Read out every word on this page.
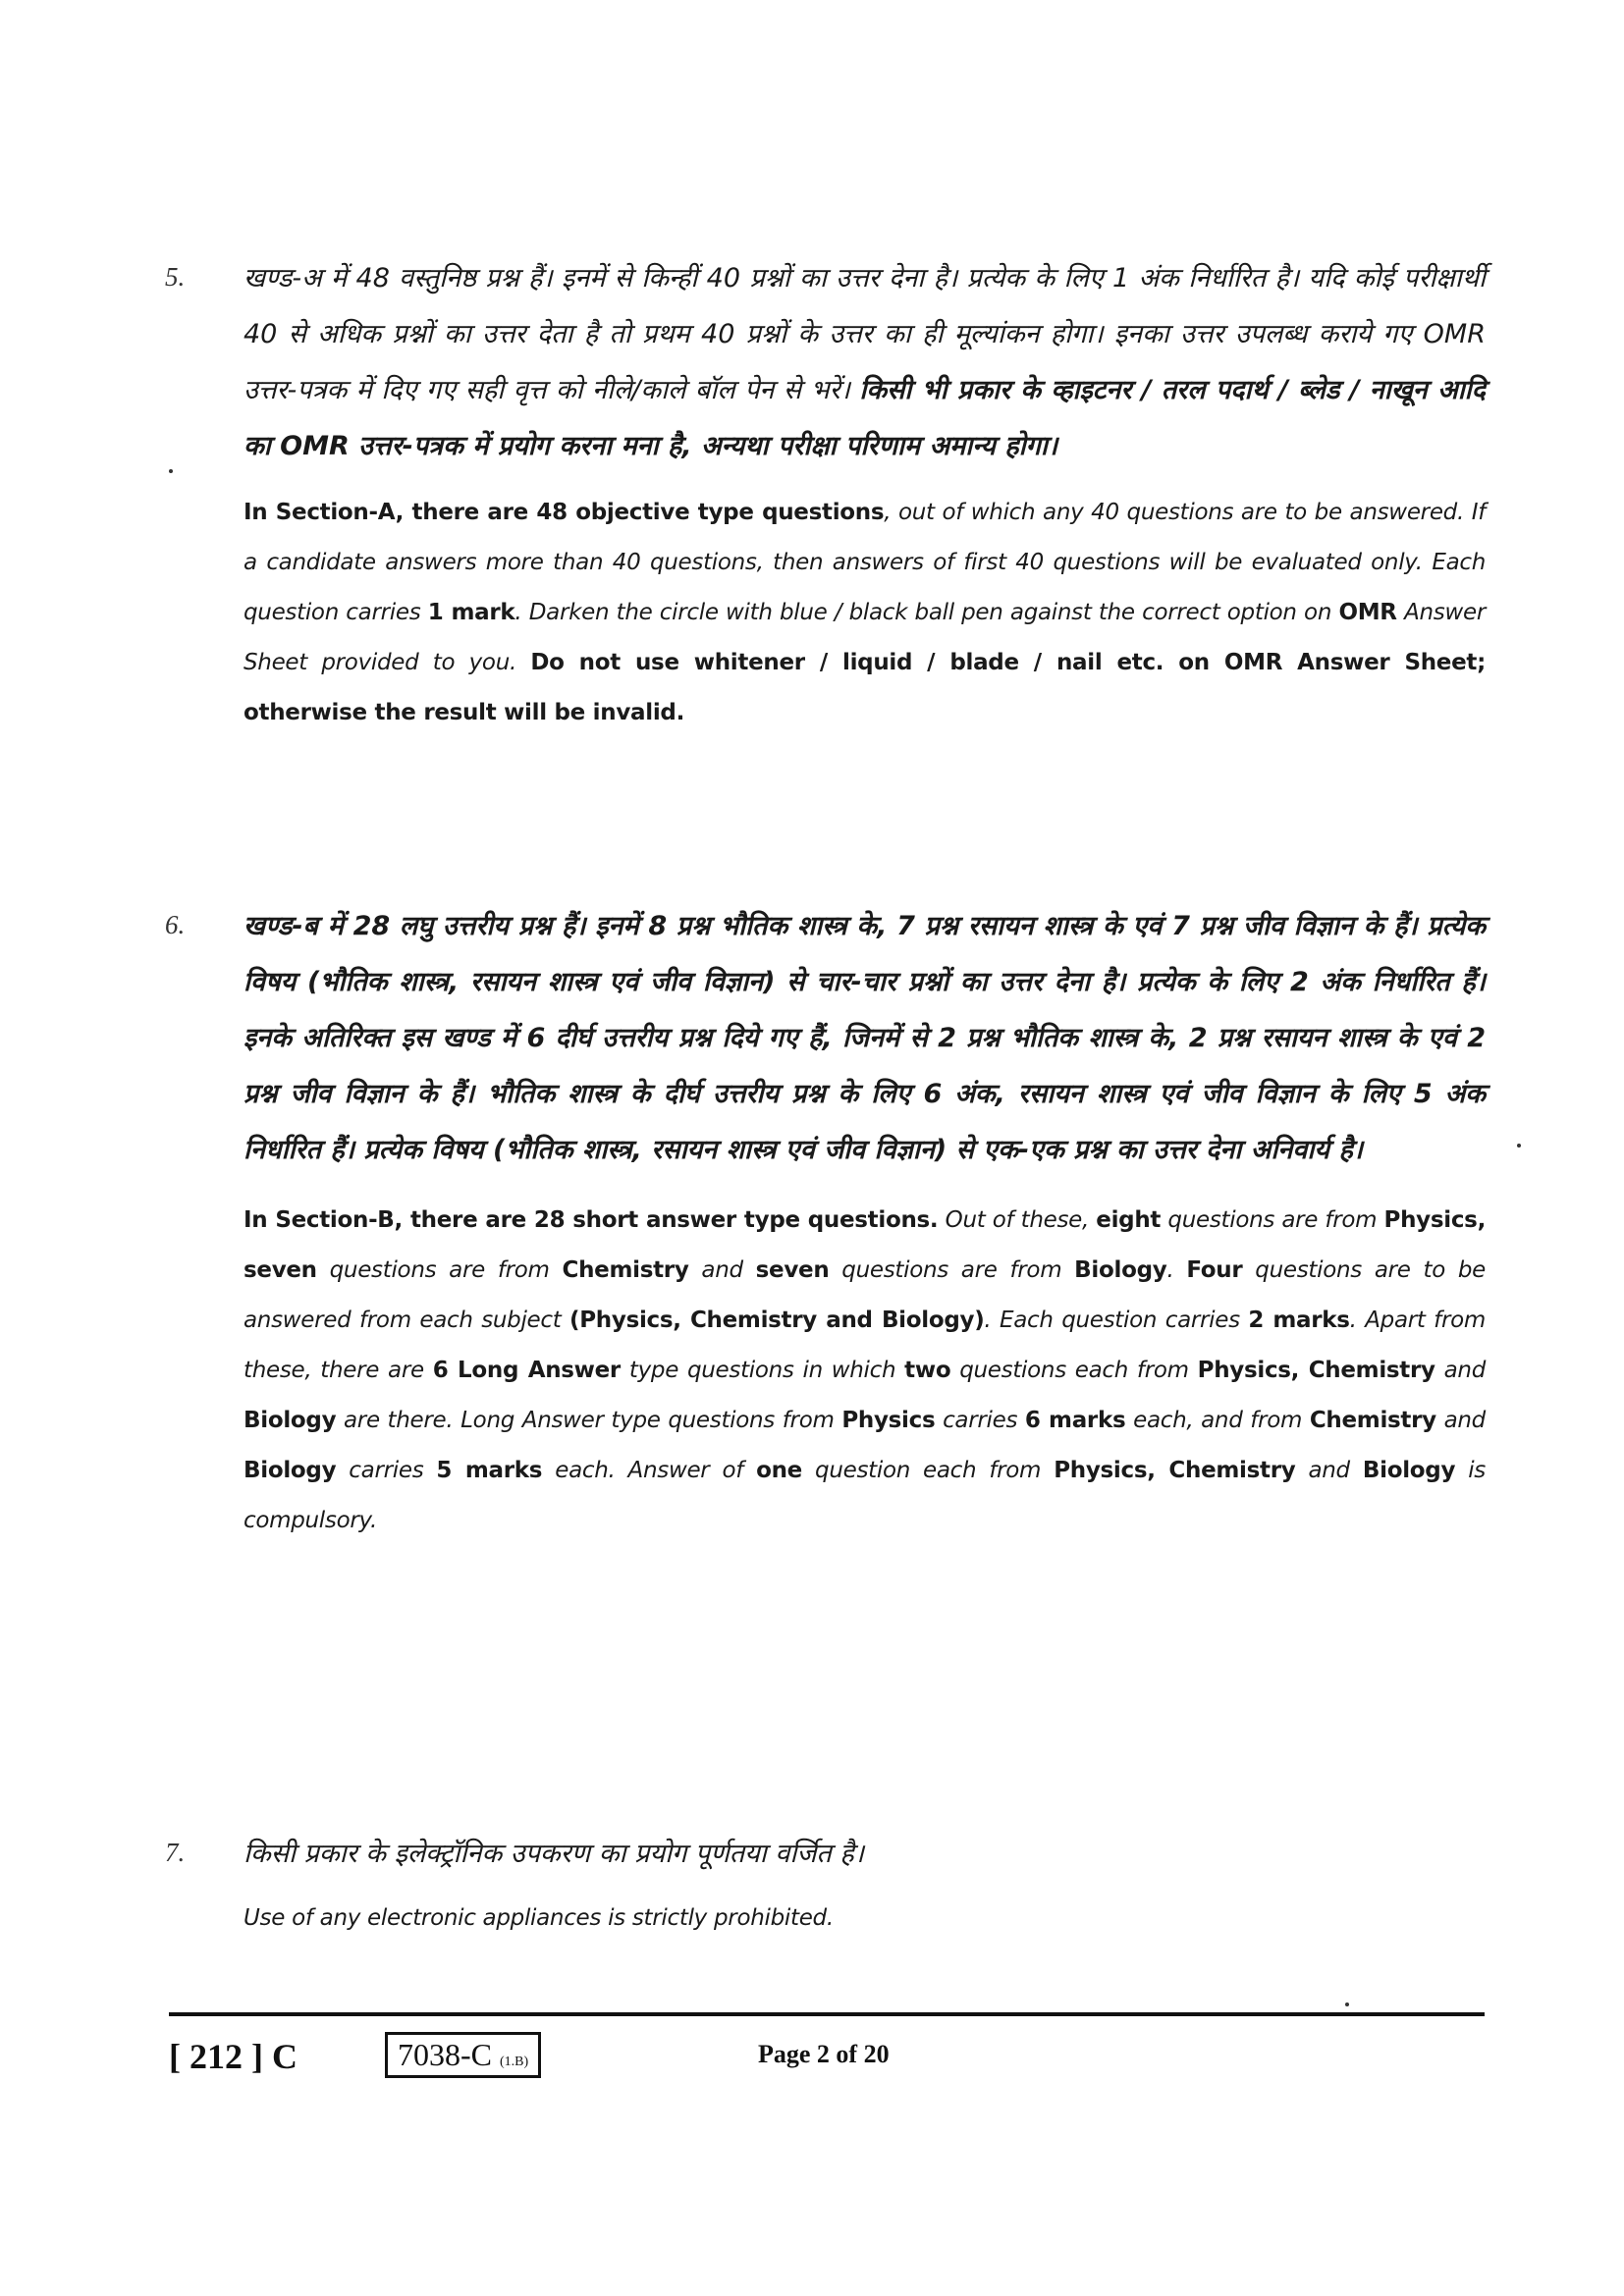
5. खण्ड-अ में 48 वस्तुनिष्ठ प्रश्न हैं। इनमें से किन्हीं 40 प्रश्नों का उत्तर देना है। प्रत्येक के लिए 1 अंक निर्धारित है। यदि कोई परीक्षार्थी 40 से अधिक प्रश्नों का उत्तर देता है तो प्रथम 40 प्रश्नों के उत्तर का ही मूल्यांकन होगा। इनका उत्तर उपलब्ध कराये गए OMR उत्तर-पत्रक में दिए गए सही वृत्त को नीले/काले बॉल पेन से भरें। किसी भी प्रकार के व्हाइटनर / तरल पदार्थ / ब्लेड / नाखून आदि का OMR उत्तर-पत्रक में प्रयोग करना मना है, अन्यथा परीक्षा परिणाम अमान्य होगा।
In Section-A, there are 48 objective type questions, out of which any 40 questions are to be answered. If a candidate answers more than 40 questions, then answers of first 40 questions will be evaluated only. Each question carries 1 mark. Darken the circle with blue / black ball pen against the correct option on OMR Answer Sheet provided to you. Do not use whitener / liquid / blade / nail etc. on OMR Answer Sheet; otherwise the result will be invalid.
6. खण्ड-ब में 28 लघु उत्तरीय प्रश्न हैं। इनमें 8 प्रश्न भौतिक शास्त्र के, 7 प्रश्न रसायन शास्त्र के एवं 7 प्रश्न जीव विज्ञान के हैं। प्रत्येक विषय (भौतिक शास्त्र, रसायन शास्त्र एवं जीव विज्ञान) से चार-चार प्रश्नों का उत्तर देना है। प्रत्येक के लिए 2 अंक निर्धारित हैं। इनके अतिरिक्त इस खण्ड में 6 दीर्घ उत्तरीय प्रश्न दिये गए हैं, जिनमें से 2 प्रश्न भौतिक शास्त्र के, 2 प्रश्न रसायन शास्त्र के एवं 2 प्रश्न जीव विज्ञान के हैं। भौतिक शास्त्र के दीर्घ उत्तरीय प्रश्न के लिए 6 अंक, रसायन शास्त्र एवं जीव विज्ञान के लिए 5 अंक निर्धारित हैं। प्रत्येक विषय (भौतिक शास्त्र, रसायन शास्त्र एवं जीव विज्ञान) से एक-एक प्रश्न का उत्तर देना अनिवार्य है।
In Section-B, there are 28 short answer type questions. Out of these, eight questions are from Physics, seven questions are from Chemistry and seven questions are from Biology. Four questions are to be answered from each subject (Physics, Chemistry and Biology). Each question carries 2 marks. Apart from these, there are 6 Long Answer type questions in which two questions each from Physics, Chemistry and Biology are there. Long Answer type questions from Physics carries 6 marks each, and from Chemistry and Biology carries 5 marks each. Answer of one question each from Physics, Chemistry and Biology is compulsory.
7. किसी प्रकार के इलेक्ट्रॉनिक उपकरण का प्रयोग पूर्णतया वर्जित है।
Use of any electronic appliances is strictly prohibited.
[ 212 ] C	7038-C (1.B)	Page 2 of 20
